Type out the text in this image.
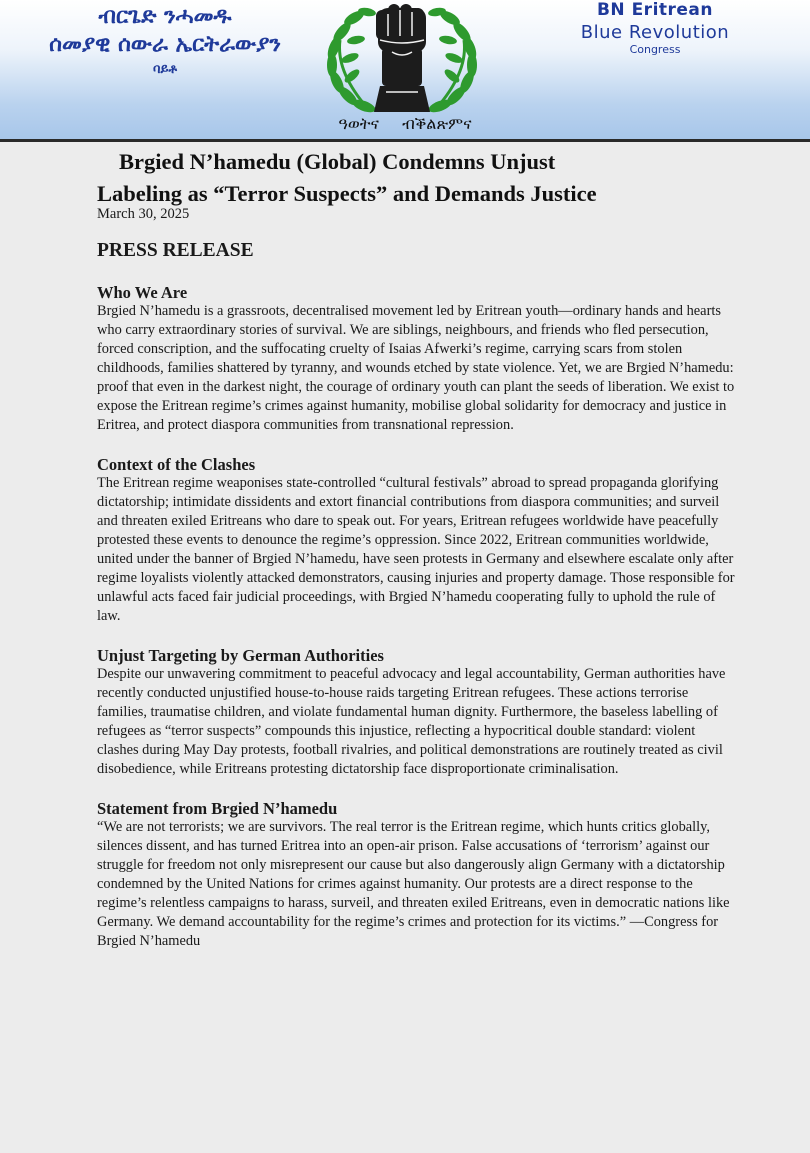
ብርጌድ ንሓመዱ
ሰመያዊ ሰውራ ኤርትራውያን
ባይቶ
BN Eritrean
Blue Revolution
Congress
ዓወትና ብቕልጽምና
Brgied N’hamedu (Global) Condemns Unjust
Labeling as “Terror Suspects” and Demands Justice
March 30, 2025
PRESS RELEASE
Who We Are

Brgied N’hamedu is a grassroots, decentralised movement led by Eritrean youth—ordinary hands and hearts who carry extraordinary stories of survival. We are siblings, neighbours, and friends who fled persecution, forced conscription, and the suffocating cruelty of Isaias Afwerki’s regime, carrying scars from stolen childhoods, families shattered by tyranny, and wounds etched by state violence. Yet, we are Brgied N’hamedu: proof that even in the darkest night, the courage of ordinary youth can plant the seeds of liberation. We exist to expose the Eritrean regime’s crimes against humanity, mobilise global solidarity for democracy and justice in Eritrea, and protect diaspora communities from transnational repression.

Context of the Clashes

The Eritrean regime weaponises state-controlled “cultural festivals” abroad to spread propaganda glorifying dictatorship; intimidate dissidents and extort financial contributions from diaspora communities; and surveil and threaten exiled Eritreans who dare to speak out. For years, Eritrean refugees worldwide have peacefully protested these events to denounce the regime’s oppression. Since 2022, Eritrean communities worldwide, united under the banner of Brgied N’hamedu, have seen protests in Germany and elsewhere escalate only after regime loyalists violently attacked demonstrators, causing injuries and property damage. Those responsible for unlawful acts faced fair judicial proceedings, with Brgied N’hamedu cooperating fully to uphold the rule of law.

Unjust Targeting by German Authorities

Despite our unwavering commitment to peaceful advocacy and legal accountability, German authorities have recently conducted unjustified house-to-house raids targeting Eritrean refugees. These actions terrorise families, traumatise children, and violate fundamental human dignity. Furthermore, the baseless labelling of refugees as “terror suspects” compounds this injustice, reflecting a hypocritical double standard: violent clashes during May Day protests, football rivalries, and political demonstrations are routinely treated as civil disobedience, while Eritreans protesting dictatorship face disproportionate criminalisation.

Statement from Brgied N’hamedu

“We are not terrorists; we are survivors. The real terror is the Eritrean regime, which hunts critics globally, silences dissent, and has turned Eritrea into an open-air prison. False accusations of ‘terrorism’ against our struggle for freedom not only misrepresent our cause but also dangerously align Germany with a dictatorship condemned by the United Nations for crimes against humanity. Our protests are a direct response to the regime’s relentless campaigns to harass, surveil, and threaten exiled Eritreans, even in democratic nations like Germany. We demand accountability for the regime’s crimes and protection for its victims.” —Congress for Brgied N’hamedu
